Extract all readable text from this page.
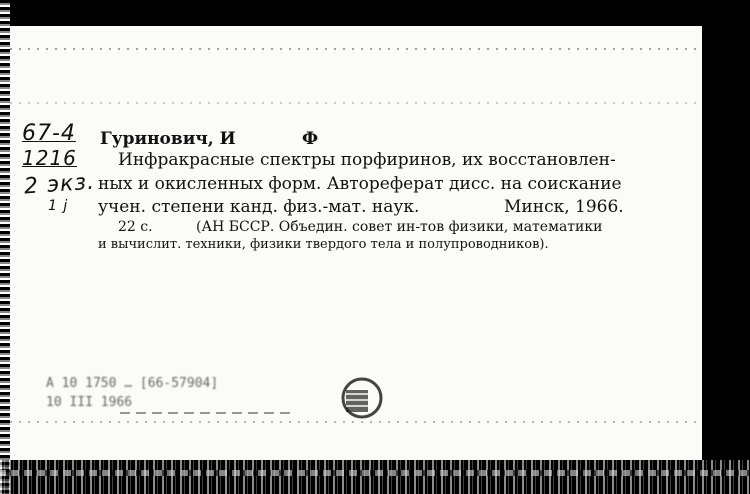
67-4
1216
2 экз.
1 ј
Гуринович, И	Ф
Инфракрасные спектры порфиринов, их восстановлен-
ных и окисленных форм. Автореферат дисс. на соискание
учен. степени канд. физ.-мат. наук.	Минск, 1966.
22 с.	(АН БССР. Объедин. совет ин-тов физики, математики
и вычислит. техники, физики твердого тела и полупроводников).
А 10 1750 … [66-57904]
10 III 1966
